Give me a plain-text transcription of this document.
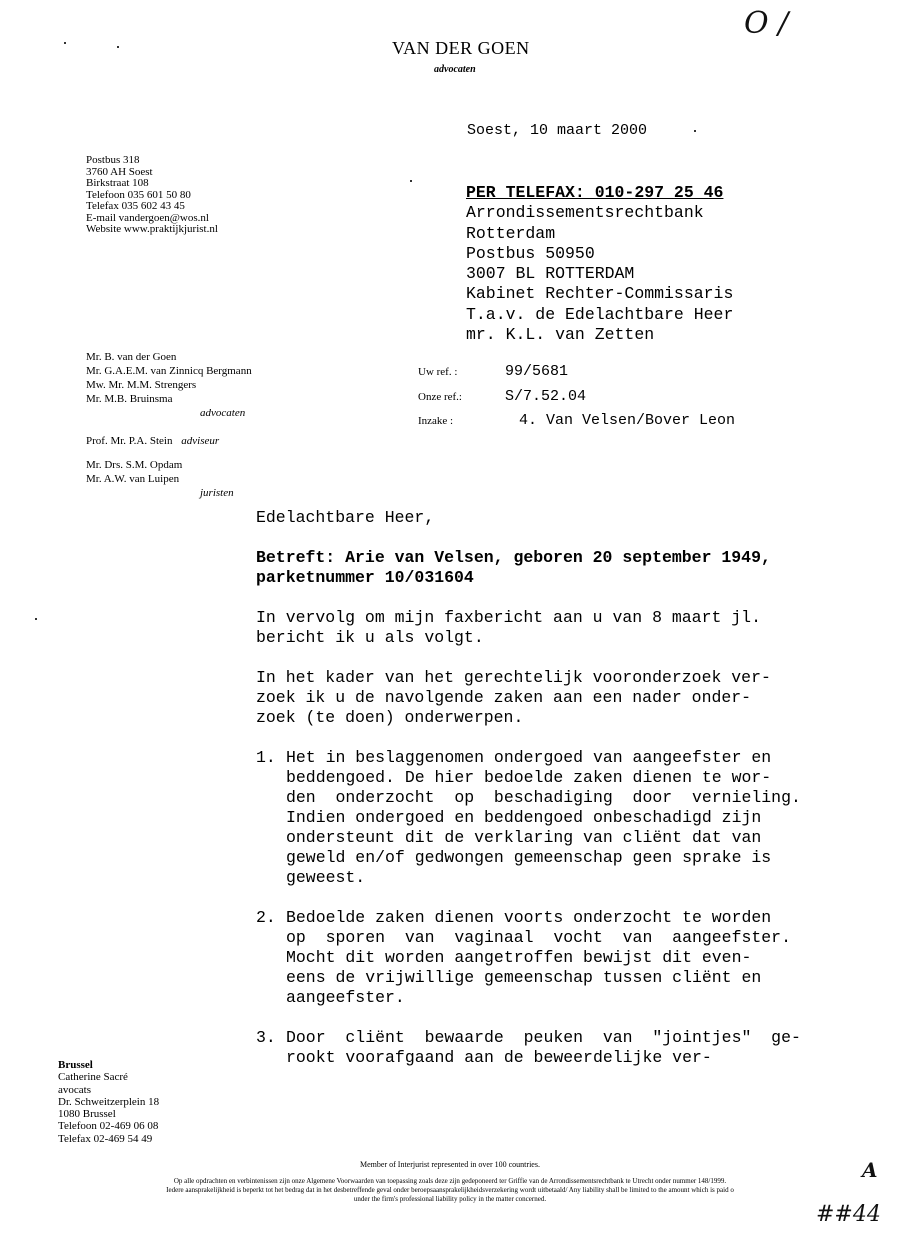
VAN DER GOEN
advocaten
O /
Soest, 10 maart 2000
Postbus 318
3760 AH Soest
Birkstraat 108
Telefoon 035 601 50 80
Telefax 035 602 43 45
E-mail vandergoen@wos.nl
Website www.praktijkjurist.nl
PER TELEFAX: 010-297 25 46
Arrondissementsrechtbank
Rotterdam
Postbus 50950
3007 BL ROTTERDAM
Kabinet Rechter-Commissaris
T.a.v. de Edelachtbare Heer
mr. K.L. van Zetten
Mr. B. van der Goen
Mr. G.A.E.M. van Zinnicq Bergmann
Mw. Mr. M.M. Strengers
Mr. M.B. Bruinsma
advocaten
Prof. Mr. P.A. Stein adviseur
Mr. Drs. S.M. Opdam
Mr. A.W. van Luipen
juristen
Uw ref. :	99/5681
Onze ref.:	S/7.52.04
Inzake :	4. Van Velsen/Bover Leon

Edelachtbare Heer,

Betreft: Arie van Velsen, geboren 20 september 1949,

parketnummer 10/031604

In vervolg om mijn faxbericht aan u van 8 maart jl.

bericht ik u als volgt.

In het kader van het gerechtelijk vooronderzoek ver-

zoek ik u de navolgende zaken aan een nader onder-

zoek (te doen) onderwerpen.

1. Het in beslaggenomen ondergoed van aangeefster en

beddengoed. De hier bedoelde zaken dienen te wor-

den  onderzocht  op  beschadiging  door  vernieling.

Indien ondergoed en beddengoed onbeschadigd zijn

ondersteunt dit de verklaring van cliënt dat van

geweld en/of gedwongen gemeenschap geen sprake is

geweest.

2. Bedoelde zaken dienen voorts onderzocht te worden

op  sporen  van  vaginaal  vocht  van  aangeefster.

Mocht dit worden aangetroffen bewijst dit even-

eens de vrijwillige gemeenschap tussen cliënt en

aangeefster.

3. Door  cliënt  bewaarde  peuken  van  "jointjes"  ge-

rookt voorafgaand aan de beweerdelijke ver-

Brussel
Catherine Sacré
avocats
Dr. Schweitzerplein 18
1080 Brussel
Telefoon 02-469 06 08
Telefax 02-469 54 49
Member of Interjurist represented in over 100 countries.
Op alle opdrachten en verbintenissen zijn onze Algemene Voorwaarden van toepassing zoals deze zijn gedeponeerd ter Griffie van de Arrondissementsrechtbank te Utrecht onder nummer 148/1999.
Iedere aansprakelijkheid is beperkt tot het bedrag dat in het desbetreffende geval onder beroepsaansprakelijkheidsverzekering wordt uitbetaald/ Any liability shall be limited to the amount which is paid o
under the firm's professional liability policy in the matter concerned.
A
##44
